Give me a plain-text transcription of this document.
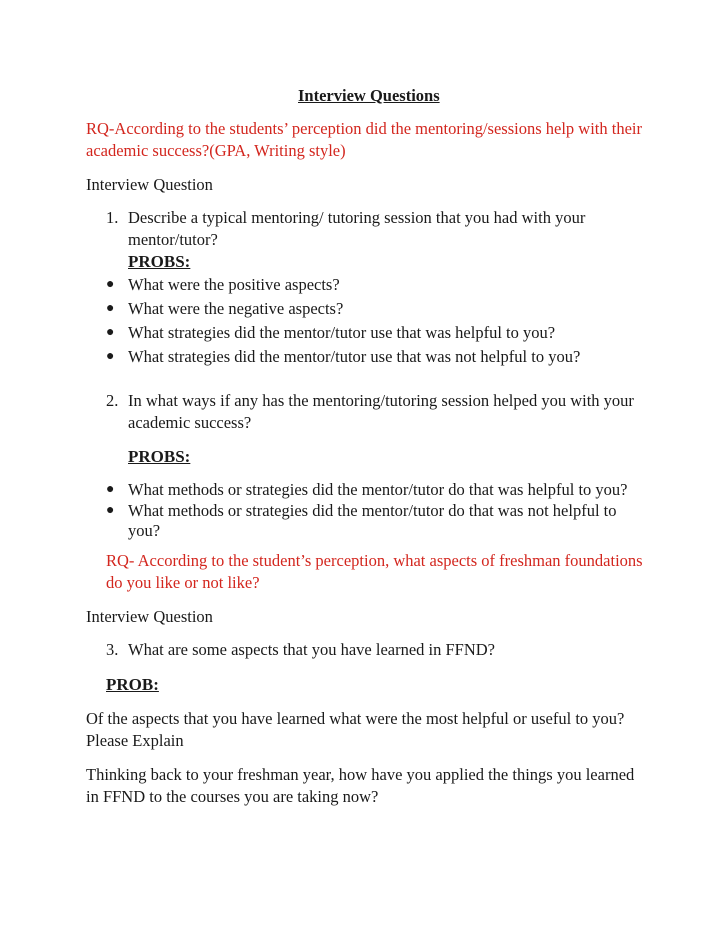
Interview Questions
RQ-According to the students’ perception did the mentoring/sessions help with their
academic success?(GPA, Writing style)
Interview Question
1. Describe a typical mentoring/ tutoring session that you had with your
mentor/tutor?
PROBS:
● What were the positive aspects?
● What were the negative aspects?
● What strategies did the mentor/tutor use that was helpful to you?
● What strategies did the mentor/tutor use that was not helpful to you?
2. In what ways if any has the mentoring/tutoring session helped you with your
academic success?
PROBS:
● What methods or strategies did the mentor/tutor do that was helpful to you?
● What methods or strategies did the mentor/tutor do that was not helpful to
you?
RQ- According to the student’s perception, what aspects of freshman foundations
do you like or not like?
Interview Question
3. What are some aspects that you have learned in FFND?
PROB:
Of the aspects that you have learned what were the most helpful or useful to you?
Please Explain
Thinking back to your freshman year, how have you applied the things you learned
in FFND to the courses you are taking now?
